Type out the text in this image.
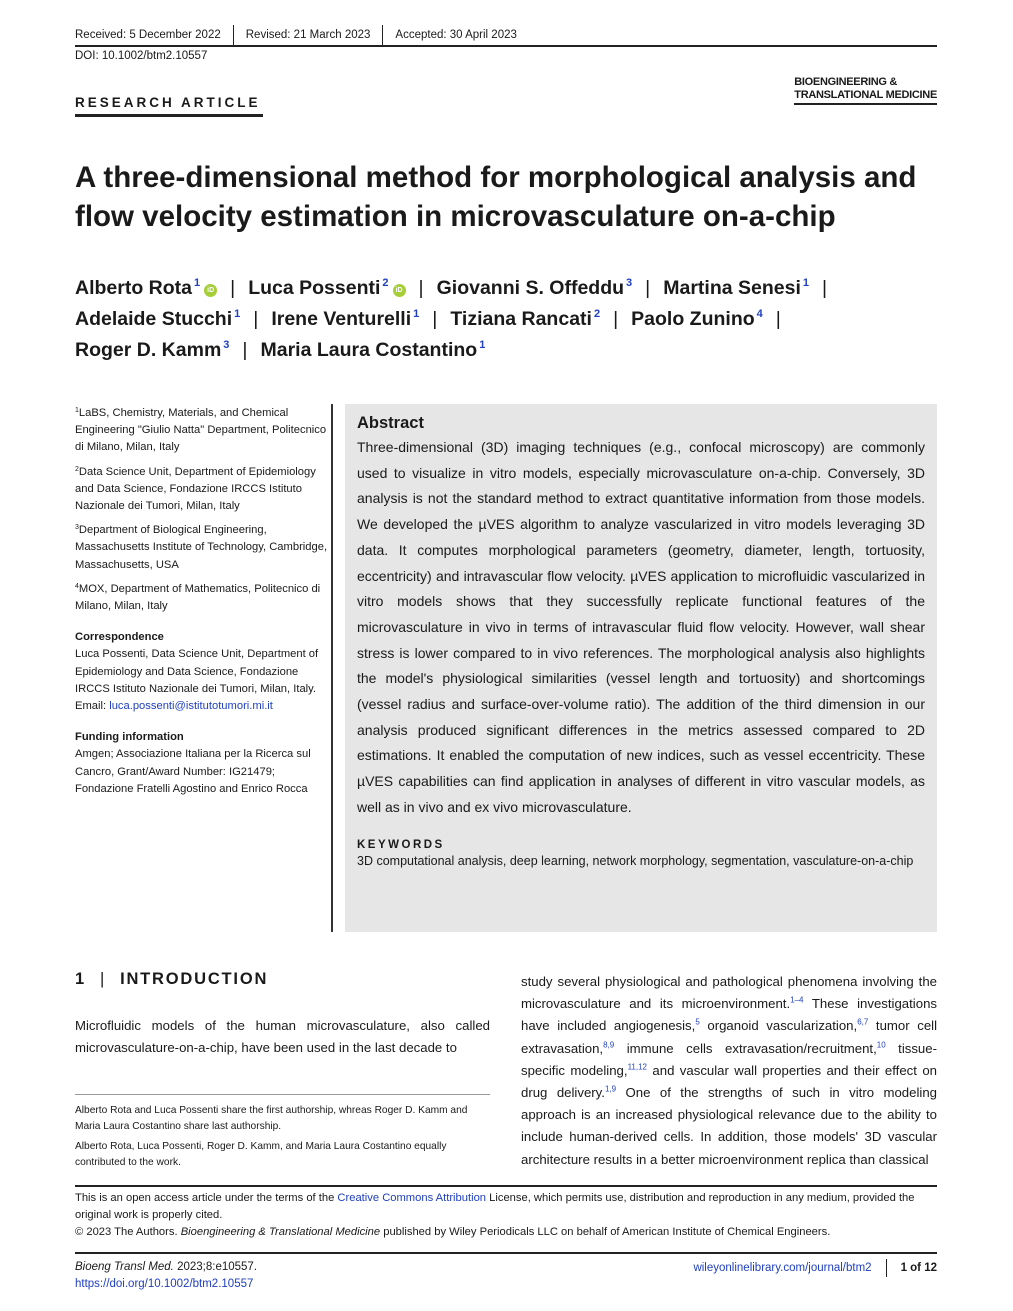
Received: 5 December 2022	Revised: 21 March 2023	Accepted: 30 April 2023
DOI: 10.1002/btm2.10557
RESEARCH ARTICLE
BIOENGINEERING &
TRANSLATIONAL MEDICINE
A three-dimensional method for morphological analysis and
flow velocity estimation in microvasculature on-a-chip
Alberto Rota $^1$iD | Luca Possenti $^2$iD | Giovanni S. Offeddu $^3$ | Martina Senesi $^1$ |
Adelaide Stucchi $^1$ | Irene Venturelli $^1$ | Tiziana Rancati $^2$ | Paolo Zunino $^4$ |
Roger D. Kamm $^3$ | Maria Laura Costantino $^1$
$^1$LaBS, Chemistry, Materials, and Chemical Engineering "Giulio Natta" Department, Politecnico di Milano, Milan, Italy
$^2$Data Science Unit, Department of Epidemiology and Data Science, Fondazione IRCCS Istituto Nazionale dei Tumori, Milan, Italy
$^3$Department of Biological Engineering, Massachusetts Institute of Technology, Cambridge, Massachusetts, USA
$^4$MOX, Department of Mathematics, Politecnico di Milano, Milan, Italy
Correspondence
Luca Possenti, Data Science Unit, Department of Epidemiology and Data Science, Fondazione IRCCS Istituto Nazionale dei Tumori, Milan, Italy.
Email: luca.possenti@istitutotumori.mi.it
Funding information
Amgen; Associazione Italiana per la Ricerca sul Cancro, Grant/Award Number: IG21479; Fondazione Fratelli Agostino and Enrico Rocca
Abstract

Three-dimensional (3D) imaging techniques (e.g., confocal microscopy) are commonly used to visualize in vitro models, especially microvasculature on-a-chip. Conversely, 3D analysis is not the standard method to extract quantitative information from those models. We developed the µVES algorithm to analyze vascularized in vitro models leveraging 3D data. It computes morphological parameters (geometry, diameter, length, tortuosity, eccentricity) and intravascular flow velocity. µVES application to microfluidic vascularized in vitro models shows that they successfully replicate functional features of the microvasculature in vivo in terms of intravascular fluid flow velocity. However, wall shear stress is lower compared to in vivo references. The morphological analysis also highlights the model's physiological similarities (vessel length and tortuosity) and shortcomings (vessel radius and surface-over-volume ratio). The addition of the third dimension in our analysis produced significant differences in the metrics assessed compared to 2D estimations. It enabled the computation of new indices, such as vessel eccentricity. These µVES capabilities can find application in analyses of different in vitro vascular models, as well as in vivo and ex vivo microvasculature.

KEYWORDS
3D computational analysis, deep learning, network morphology, segmentation, vasculature-on-a-chip
1 | INTRODUCTION

Microfluidic models of the human microvasculature, also called microvasculature-on-a-chip, have been used in the last decade to

study several physiological and pathological phenomena involving the microvasculature and its microenvironment.$^{1-4}$ These investigations have included angiogenesis,$^5$ organoid vascularization,$^{6,7}$ tumor cell extravasation,$^{8,9}$ immune cells extravasation/recruitment,$^{10}$ tissue-specific modeling,$^{11,12}$ and vascular wall properties and their effect on drug delivery.$^{1,9}$ One of the strengths of such in vitro modeling approach is an increased physiological relevance due to the ability to include human-derived cells. In addition, those models' 3D vascular architecture results in a better microenvironment replica than classical

Alberto Rota and Luca Possenti share the first authorship, whreas Roger D. Kamm and Maria Laura Costantino share last authorship.

Alberto Rota, Luca Possenti, Roger D. Kamm, and Maria Laura Costantino equally contributed to the work.

This is an open access article under the terms of the Creative Commons Attribution License, which permits use, distribution and reproduction in any medium, provided the original work is properly cited.
© 2023 The Authors. Bioengineering & Translational Medicine published by Wiley Periodicals LLC on behalf of American Institute of Chemical Engineers.
Bioeng Transl Med. 2023;8:e10557.
https://doi.org/10.1002/btm2.10557
wileyonlinelibrary.com/journal/btm2	1 of 12
